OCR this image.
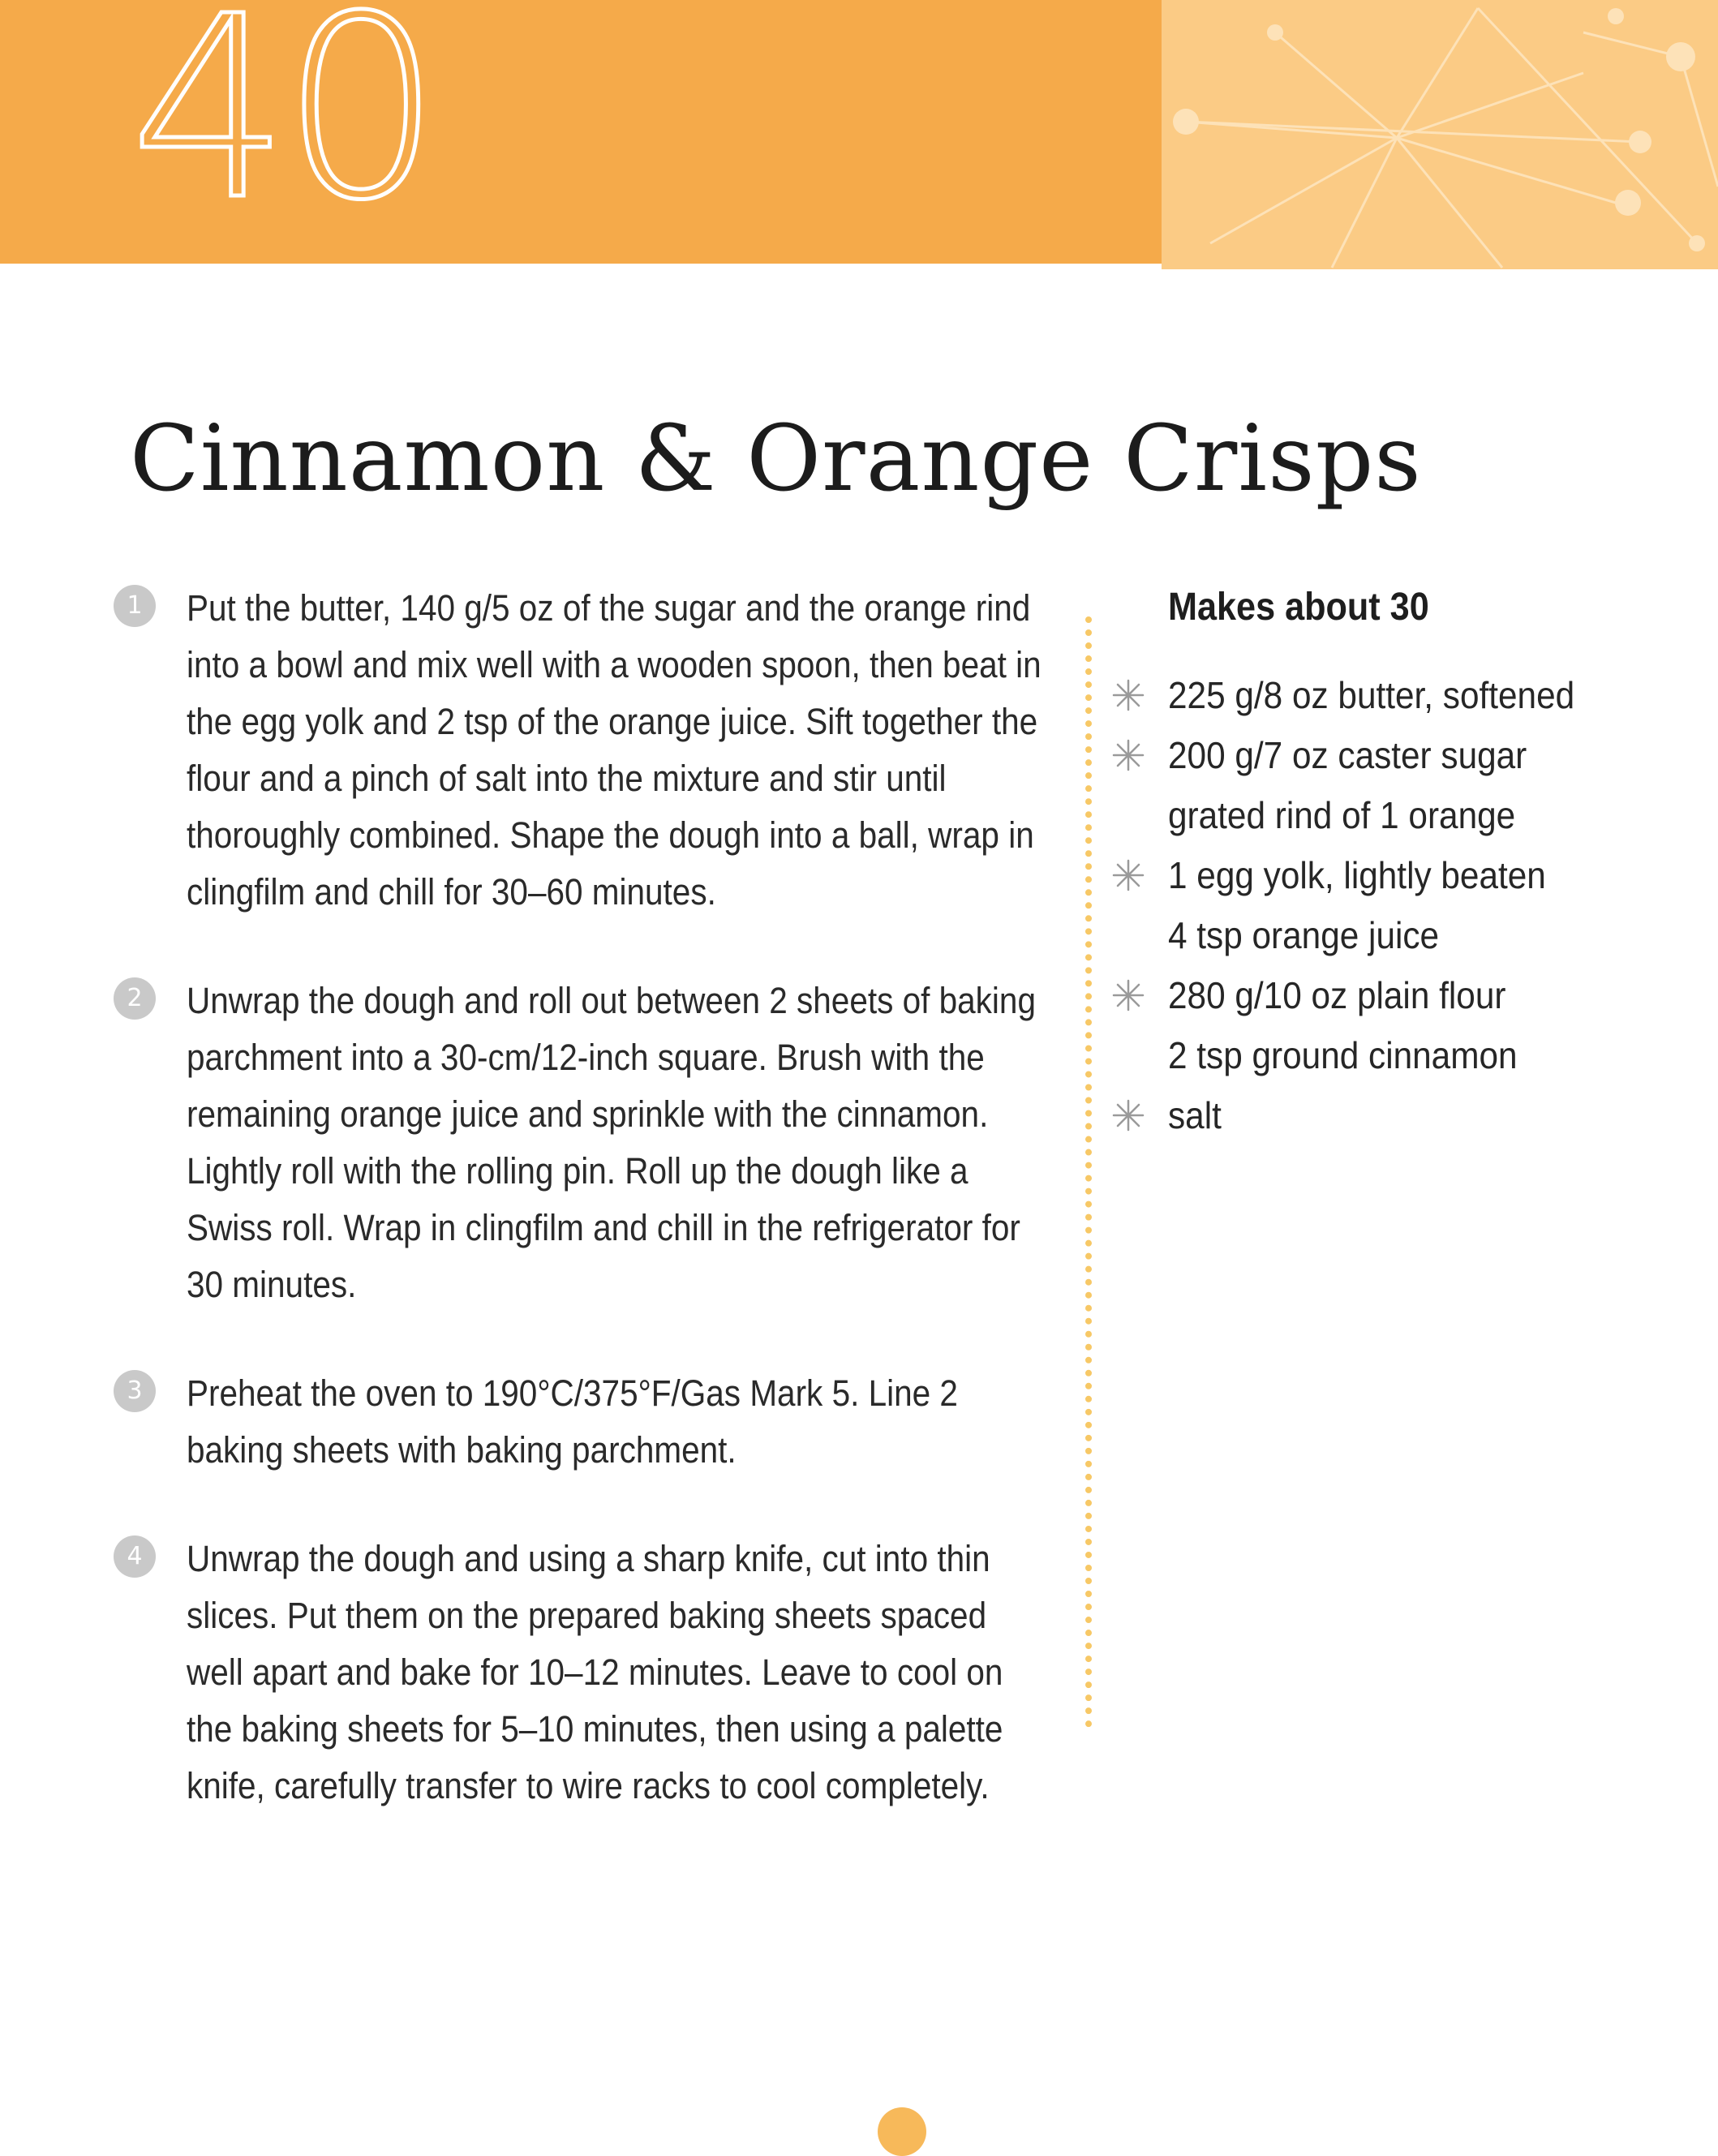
40
Cinnamon & Orange Crisps
1	Put the butter, 140 g/5 oz of the sugar and the orange rind into a bowl and mix well with a wooden spoon, then beat in the egg yolk and 2 tsp of the orange juice. Sift together the flour and a pinch of salt into the mixture and stir until thoroughly combined. Shape the dough into a ball, wrap in clingfilm and chill for 30–60 minutes.

2	Unwrap the dough and roll out between 2 sheets of baking parchment into a 30-cm/12-inch square. Brush with the remaining orange juice and sprinkle with the cinnamon. Lightly roll with the rolling pin. Roll up the dough like a Swiss roll. Wrap in clingfilm and chill in the refrigerator for 30 minutes.

3	Preheat the oven to 190°C/375°F/Gas Mark 5. Line 2 baking sheets with baking parchment.

4	Unwrap the dough and using a sharp knife, cut into thin slices. Put them on the prepared baking sheets spaced well apart and bake for 10–12 minutes. Leave to cool on the baking sheets for 5–10 minutes, then using a palette knife, carefully transfer to wire racks to cool completely.

Makes about 30
225 g/8 oz butter, softened
200 g/7 oz caster sugar
grated rind of 1 orange
1 egg yolk, lightly beaten
4 tsp orange juice
280 g/10 oz plain flour
2 tsp ground cinnamon
salt
